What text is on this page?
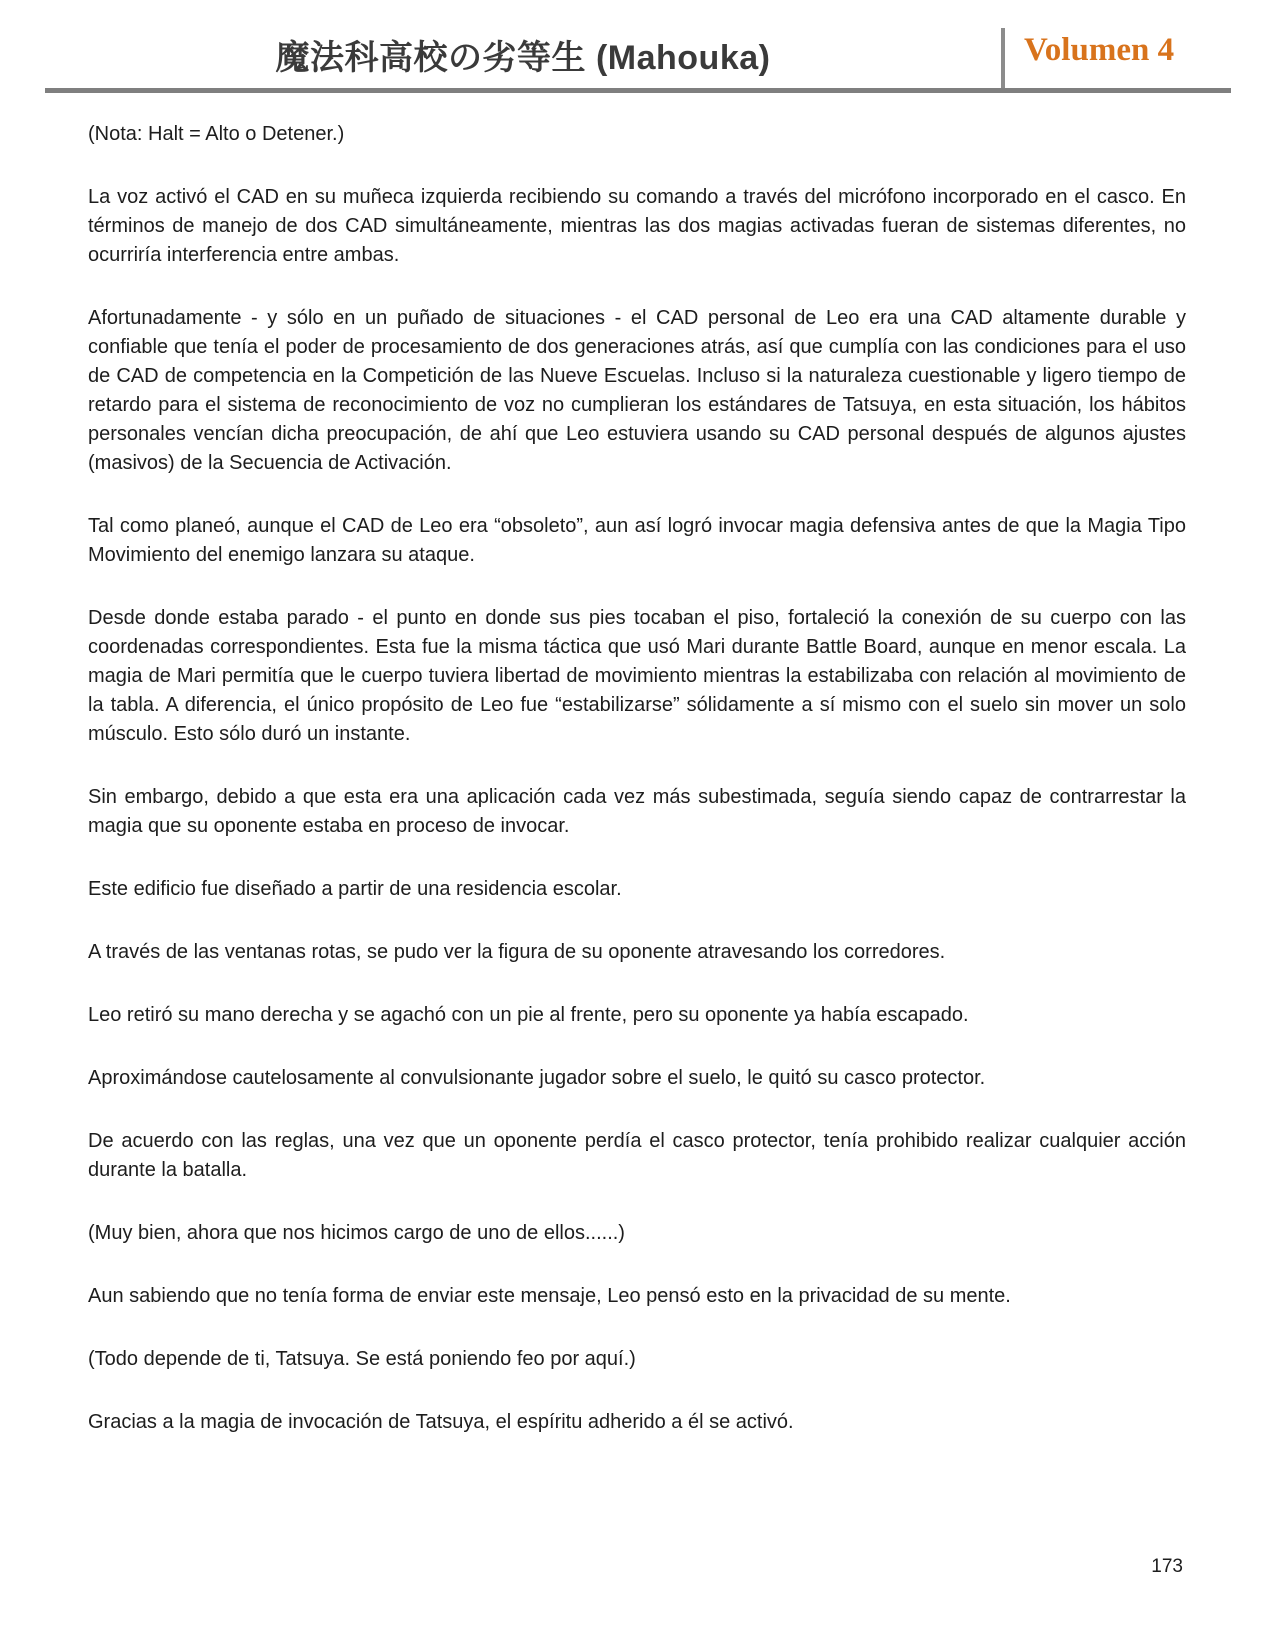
魔法科高校の劣等生 (Mahouka)	Volumen 4

(Nota: Halt = Alto o Detener.)

La voz activó el CAD en su muñeca izquierda recibiendo su comando a través del micrófono incorporado en el casco. En términos de manejo de dos CAD simultáneamente, mientras las dos magias activadas fueran de sistemas diferentes, no ocurriría interferencia entre ambas.

Afortunadamente - y sólo en un puñado de situaciones - el CAD personal de Leo era una CAD altamente durable y confiable que tenía el poder de procesamiento de dos generaciones atrás, así que cumplía con las condiciones para el uso de CAD de competencia en la Competición de las Nueve Escuelas. Incluso si la naturaleza cuestionable y ligero tiempo de retardo para el sistema de reconocimiento de voz no cumplieran los estándares de Tatsuya, en esta situación, los hábitos personales vencían dicha preocupación, de ahí que Leo estuviera usando su CAD personal después de algunos ajustes (masivos) de la Secuencia de Activación.

Tal como planeó, aunque el CAD de Leo era “obsoleto”, aun así logró invocar magia defensiva antes de que la Magia Tipo Movimiento del enemigo lanzara su ataque.

Desde donde estaba parado - el punto en donde sus pies tocaban el piso, fortaleció la conexión de su cuerpo con las coordenadas correspondientes. Esta fue la misma táctica que usó Mari durante Battle Board, aunque en menor escala. La magia de Mari permitía que le cuerpo tuviera libertad de movimiento mientras la estabilizaba con relación al movimiento de la tabla. A diferencia, el único propósito de Leo fue “estabilizarse” sólidamente a sí mismo con el suelo sin mover un solo músculo. Esto sólo duró un instante.

Sin embargo, debido a que esta era una aplicación cada vez más subestimada, seguía siendo capaz de contrarrestar la magia que su oponente estaba en proceso de invocar.

Este edificio fue diseñado a partir de una residencia escolar.

A través de las ventanas rotas, se pudo ver la figura de su oponente atravesando los corredores.

Leo retiró su mano derecha y se agachó con un pie al frente, pero su oponente ya había escapado.

Aproximándose cautelosamente al convulsionante jugador sobre el suelo, le quitó su casco protector.

De acuerdo con las reglas, una vez que un oponente perdía el casco protector, tenía prohibido realizar cualquier acción durante la batalla.

(Muy bien, ahora que nos hicimos cargo de uno de ellos......)

Aun sabiendo que no tenía forma de enviar este mensaje, Leo pensó esto en la privacidad de su mente.

(Todo depende de ti, Tatsuya. Se está poniendo feo por aquí.)

Gracias a la magia de invocación de Tatsuya, el espíritu adherido a él se activó.

173
